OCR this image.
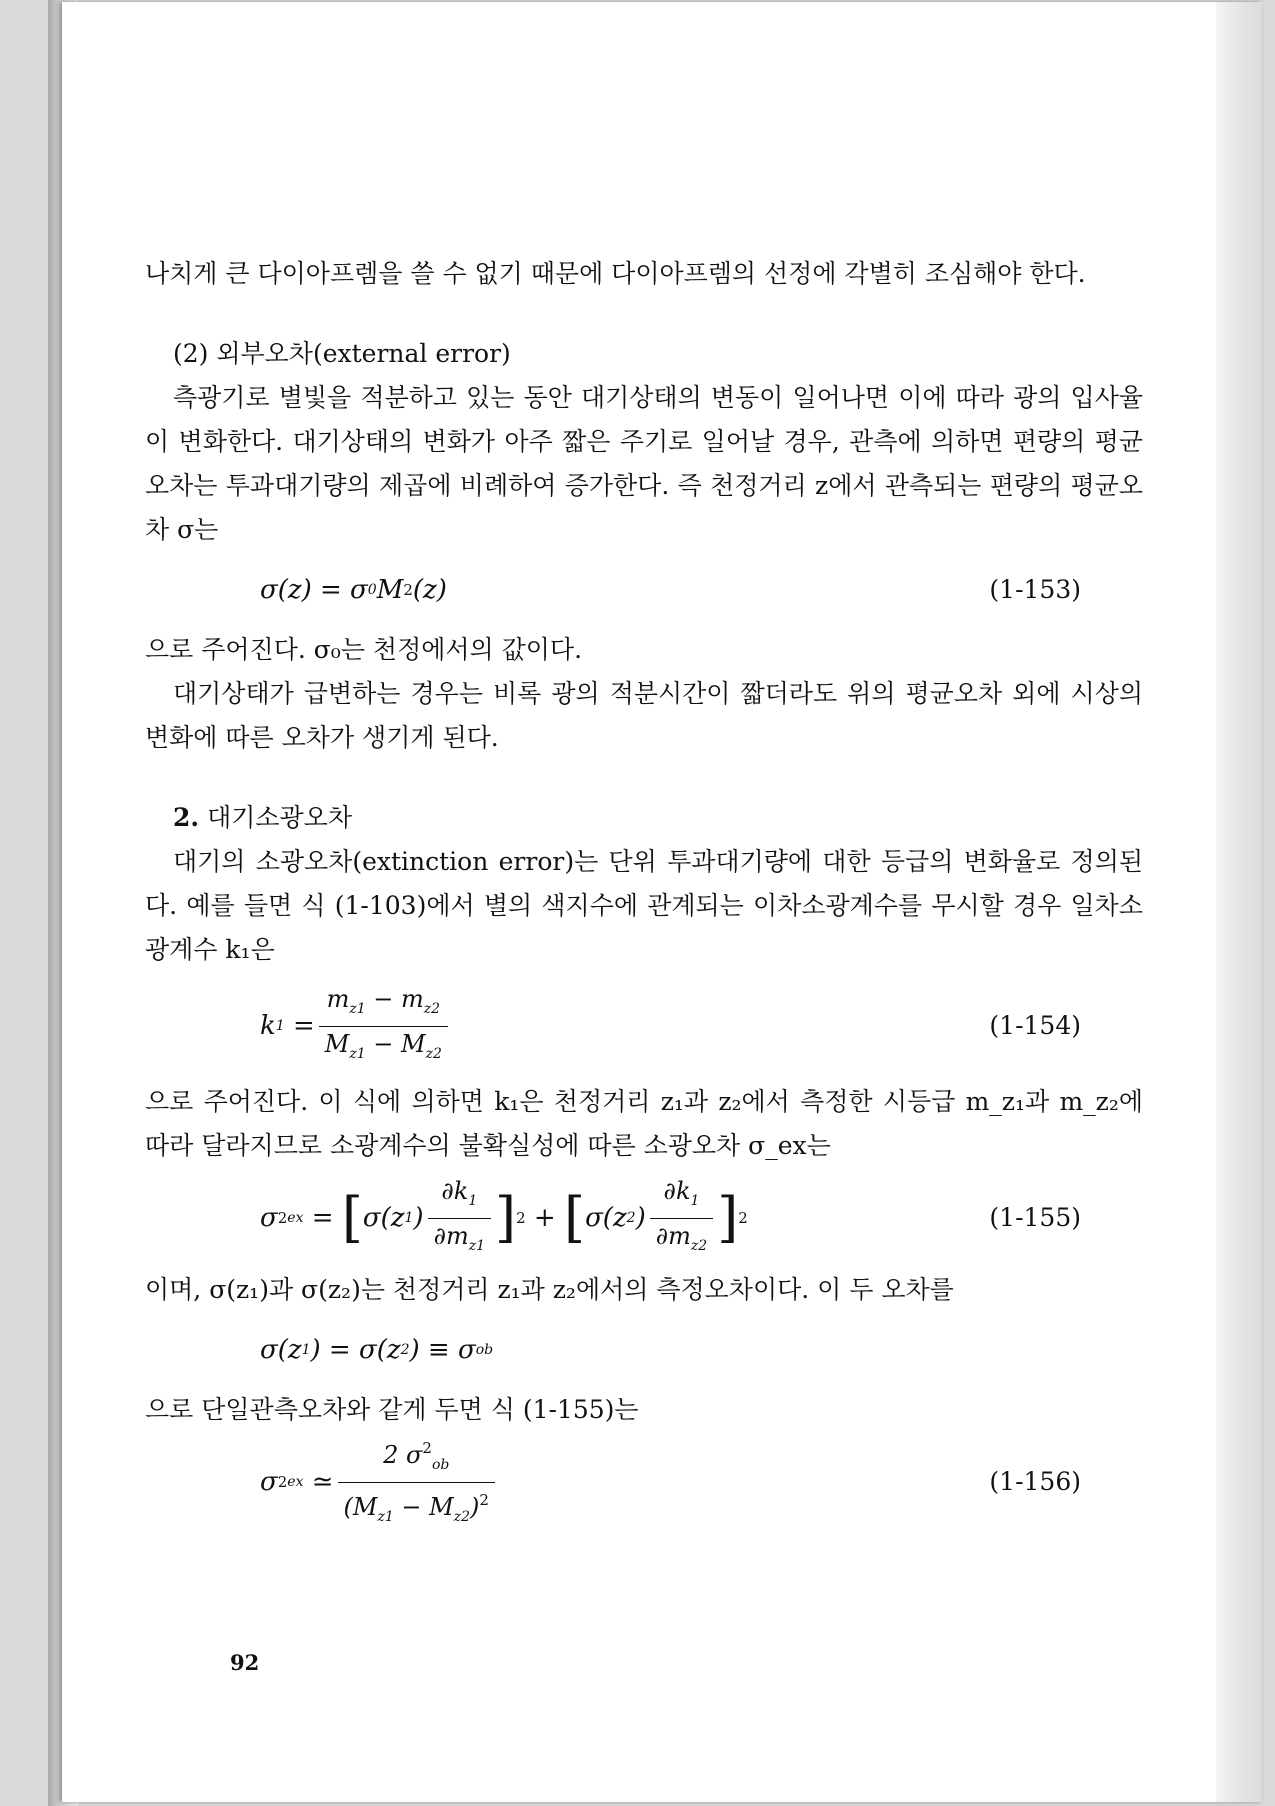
나치게 큰 다이아프렘을 쓸 수 없기 때문에 다이아프렘의 선정에 각별히 조심해야 한다.

(2) 외부오차(external error)

측광기로 별빛을 적분하고 있는 동안 대기상태의 변동이 일어나면 이에 따라 광의 입사율이 변화한다. 대기상태의 변화가 아주 짧은 주기로 일어날 경우, 관측에 의하면 편량의 평균오차는 투과대기량의 제곱에 비례하여 증가한다. 즉 천정거리 z에서 관측되는 편량의 평균오차 σ는

σ(z) = σ 0 M 2 (z)	(1-153)

으로 주어진다. σ₀는 천정에서의 값이다.

대기상태가 급변하는 경우는 비록 광의 적분시간이 짧더라도 위의 평균오차 외에 시상의 변화에 따른 오차가 생기게 된다.

2. 대기소광오차

대기의 소광오차(extinction error)는 단위 투과대기량에 대한 등급의 변화율로 정의된다. 예를 들면 식 (1-103)에서 별의 색지수에 관계되는 이차소광계수를 무시할 경우 일차소광계수 k₁은

k $1 = \frac{m_{z1} - m_{z2}}{M_{z1} - M_{z2}}$	(1-154)

으로 주어진다. 이 식에 의하면 k₁은 천정거리 z₁과 z₂에서 측정한 시등급 m_z₁과 m_z₂에 따라 달라지므로 소광계수의 불확실성에 따른 소광오차 σ_ex는

σ 2 ex = [ σ(z 1 ) $\frac{\partial k_1}{\partial m_{z1}}$ ] 2 + [ σ(z 2 ) $\frac{\partial k_1}{\partial m_{z2}}$ ] 2	(1-155)

이며, σ(z₁)과 σ(z₂)는 천정거리 z₁과 z₂에서의 측정오차이다. 이 두 오차를

σ(z 1 ) = σ(z 2 ) ≡ σ ob

으로 단일관측오차와 같게 두면 식 (1-155)는

σ 2 ex ≃ $\frac{2 \sigma^2_{ob}}{(M_{z1} - M_{z2})^2}$	(1-156)
92
